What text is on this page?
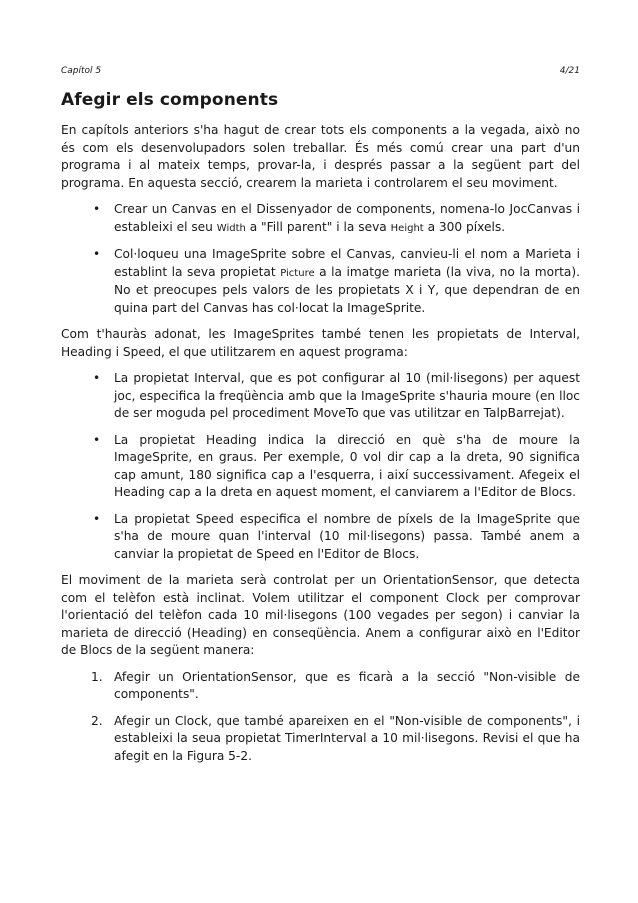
Capítol 5	4/21
Afegir els components

En capítols anteriors s'ha hagut de crear tots els components a la vegada, això no és com els desenvolupadors solen treballar. És més comú crear una part d'un programa i al mateix temps, provar-la, i després passar a la següent part del programa. En aquesta secció, crearem la marieta i controlarem el seu moviment.

• Crear un Canvas en el Dissenyador de components, nomena-lo JocCanvas i estableixi el seu Width a "Fill parent" i la seva Height a 300 píxels.
• Col·loqueu una ImageSprite sobre el Canvas, canvieu-li el nom a Marieta i establint la seva propietat Picture a la imatge marieta (la viva, no la morta). No et preocupes pels valors de les propietats X i Y, que dependran de en quina part del Canvas has col·locat la ImageSprite.

Com t'hauràs adonat, les ImageSprites també tenen les propietats de Interval, Heading i Speed, el que utilitzarem en aquest programa:

• La propietat Interval, que es pot configurar al 10 (mil·lisegons) per aquest joc, especifica la freqüència amb que la ImageSprite s'hauria moure (en lloc de ser moguda pel procediment MoveTo que vas utilitzar en TalpBarrejat).
• La propietat Heading indica la direcció en què s'ha de moure la ImageSprite, en graus. Per exemple, 0 vol dir cap a la dreta, 90 significa cap amunt, 180 significa cap a l'esquerra, i així successivament. Afegeix el Heading cap a la dreta en aquest moment, el canviarem a l'Editor de Blocs.
• La propietat Speed especifica el nombre de píxels de la ImageSprite que s'ha de moure quan l'interval (10 mil·lisegons) passa. També anem a canviar la propietat de Speed en l'Editor de Blocs.

El moviment de la marieta serà controlat per un OrientationSensor, que detecta com el telèfon està inclinat. Volem utilitzar el component Clock per comprovar l'orientació del telèfon cada 10 mil·lisegons (100 vegades per segon) i canviar la marieta de direcció (Heading) en conseqüència. Anem a configurar això en l'Editor de Blocs de la següent manera:

1. Afegir un OrientationSensor, que es ficarà a la secció "Non-visible de components".
2. Afegir un Clock, que també apareixen en el "Non-visible de components", i estableixi la seua propietat TimerInterval a 10 mil·lisegons. Revisi el que ha afegit en la Figura 5-2.
